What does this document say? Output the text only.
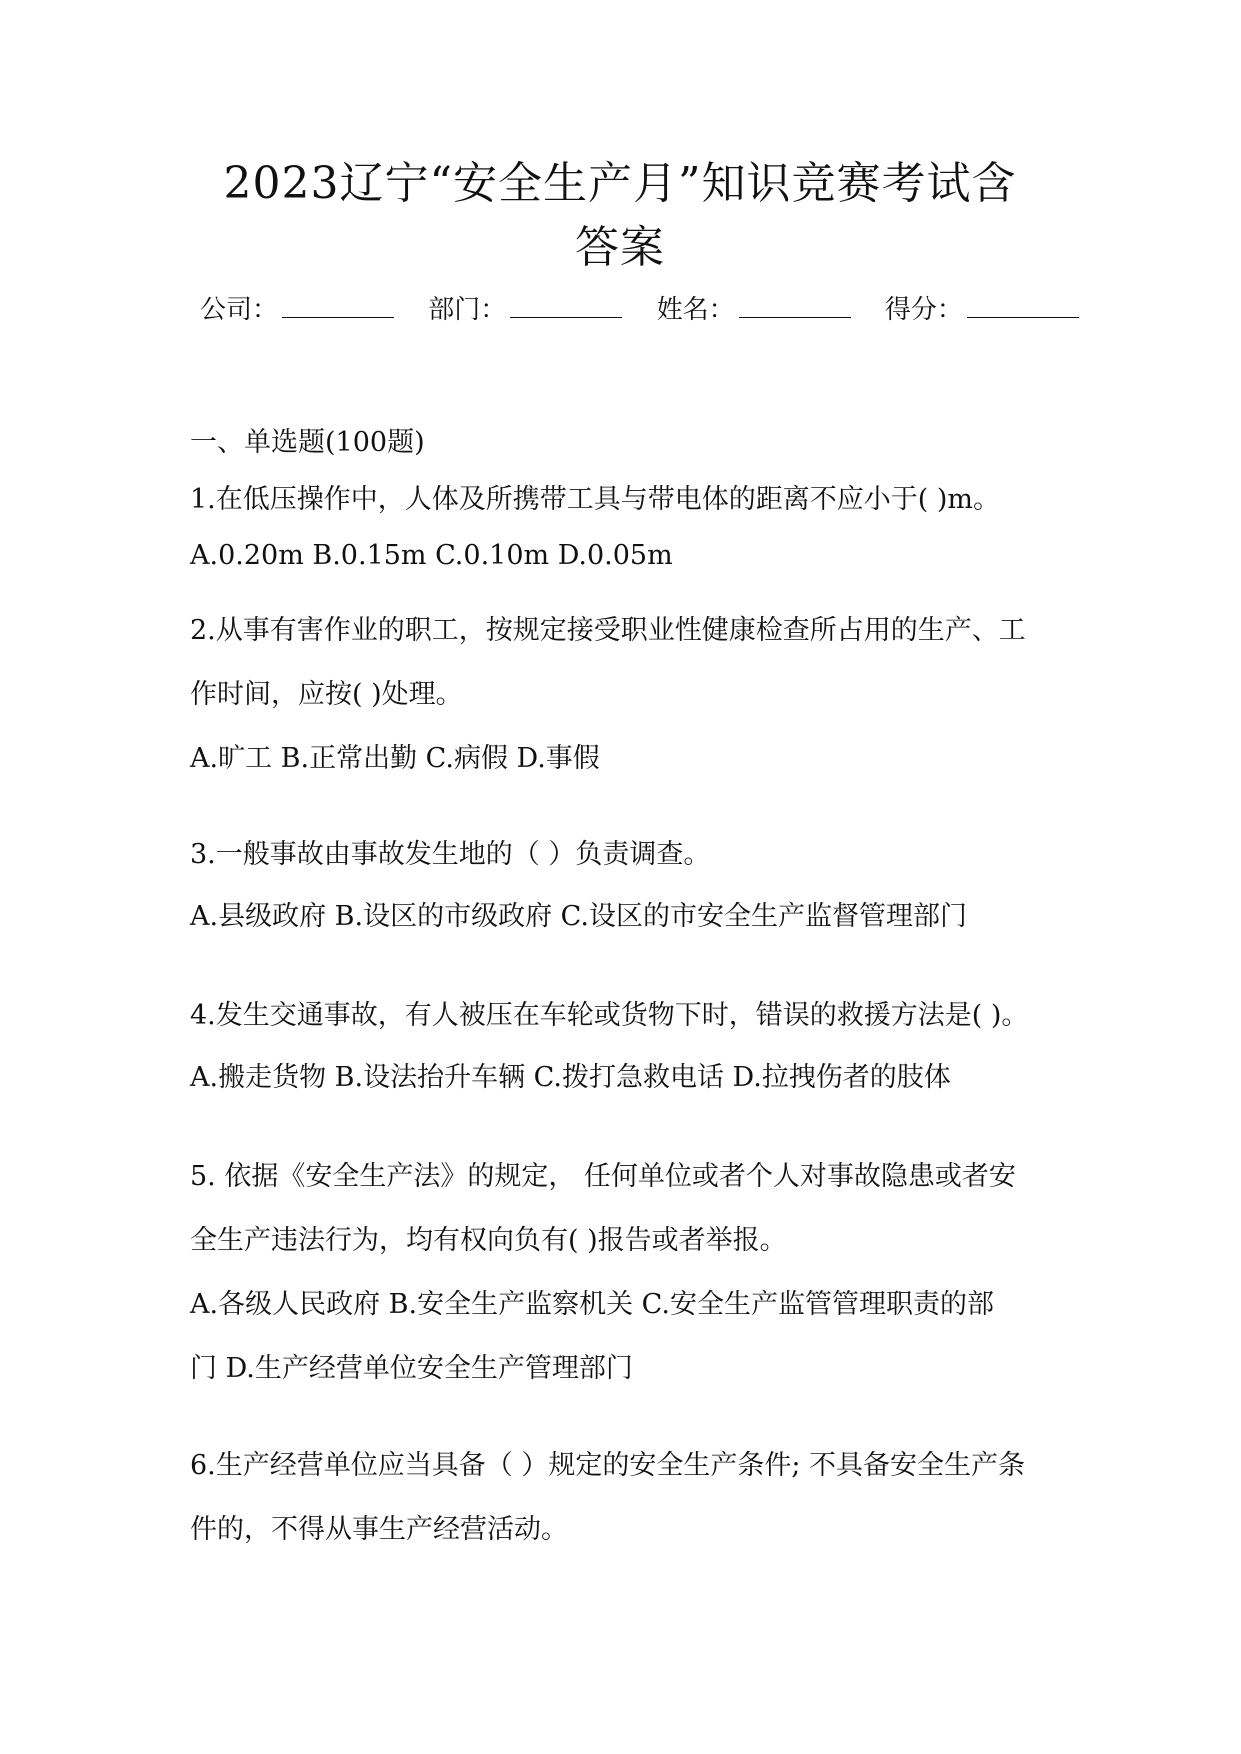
2023辽宁“安全生产月”知识竞赛考试含
答案
公司：	部门：	姓名：	得分：
一、单选题(100题)
1.在低压操作中，人体及所携带工具与带电体的距离不应小于( )m。
A.0.20m B.0.15m C.0.10m D.0.05m
2.从事有害作业的职工，按规定接受职业性健康检查所占用的生产、工
作时间，应按( )处理。
A.旷工 B.正常出勤 C.病假 D.事假
3.一般事故由事故发生地的（ ）负责调查。
A.县级政府 B.设区的市级政府 C.设区的市安全生产监督管理部门
4.发生交通事故，有人被压在车轮或货物下时，错误的救援方法是( )。
A.搬走货物 B.设法抬升车辆 C.拨打急救电话 D.拉拽伤者的肢体
5. 依据《安全生产法》的规定， 任何单位或者个人对事故隐患或者安
全生产违法行为，均有权向负有( )报告或者举报。
A.各级人民政府 B.安全生产监察机关 C.安全生产监管管理职责的部
门 D.生产经营单位安全生产管理部门
6.生产经营单位应当具备（ ）规定的安全生产条件; 不具备安全生产条
件的，不得从事生产经营活动。
